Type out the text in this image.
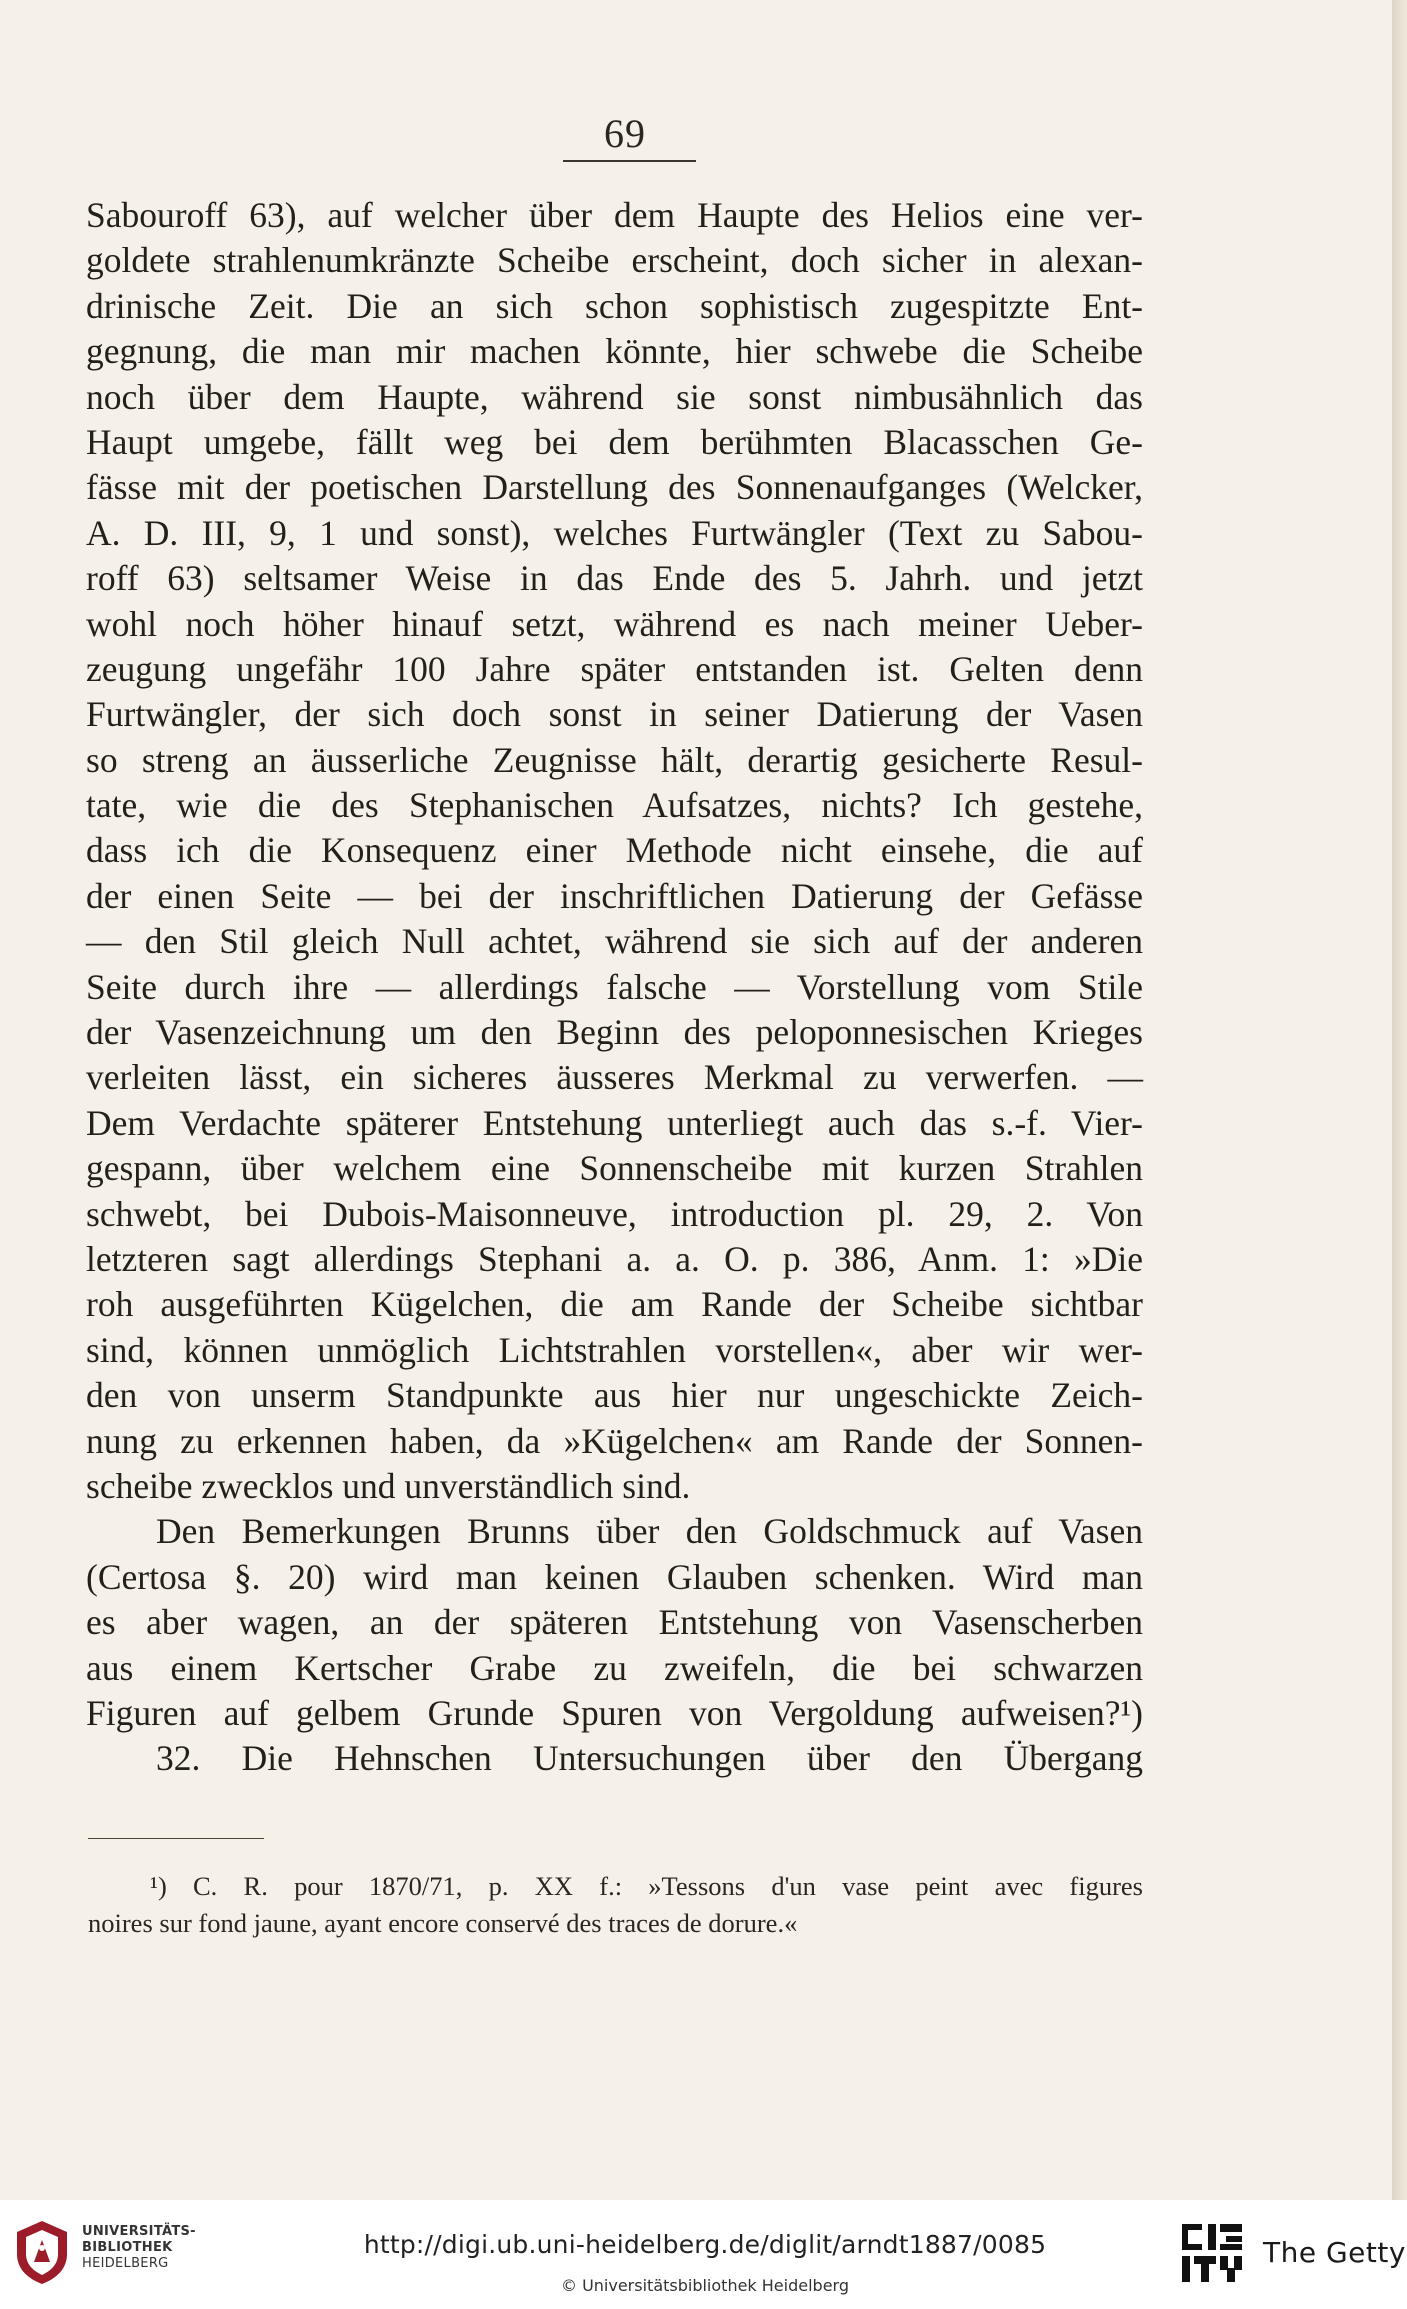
69
Sabouroff 63), auf welcher über dem Haupte des Helios eine ver-
goldete strahlenumkränzte Scheibe erscheint, doch sicher in alexan-
drinische Zeit. Die an sich schon sophistisch zugespitzte Ent-
gegnung, die man mir machen könnte, hier schwebe die Scheibe
noch über dem Haupte, während sie sonst nimbusähnlich das
Haupt umgebe, fällt weg bei dem berühmten Blacasschen Ge-
fässe mit der poetischen Darstellung des Sonnenaufganges (Welcker,
A. D. III, 9, 1 und sonst), welches Furtwängler (Text zu Sabou-
roff 63) seltsamer Weise in das Ende des 5. Jahrh. und jetzt
wohl noch höher hinauf setzt, während es nach meiner Ueber-
zeugung ungefähr 100 Jahre später entstanden ist. Gelten denn
Furtwängler, der sich doch sonst in seiner Datierung der Vasen
so streng an äusserliche Zeugnisse hält, derartig gesicherte Resul-
tate, wie die des Stephanischen Aufsatzes, nichts? Ich gestehe,
dass ich die Konsequenz einer Methode nicht einsehe, die auf
der einen Seite — bei der inschriftlichen Datierung der Gefässe
— den Stil gleich Null achtet, während sie sich auf der anderen
Seite durch ihre — allerdings falsche — Vorstellung vom Stile
der Vasenzeichnung um den Beginn des peloponnesischen Krieges
verleiten lässt, ein sicheres äusseres Merkmal zu verwerfen. —
Dem Verdachte späterer Entstehung unterliegt auch das s.-f. Vier-
gespann, über welchem eine Sonnenscheibe mit kurzen Strahlen
schwebt, bei Dubois-Maisonneuve, introduction pl. 29, 2. Von
letzteren sagt allerdings Stephani a. a. O. p. 386, Anm. 1: »Die
roh ausgeführten Kügelchen, die am Rande der Scheibe sichtbar
sind, können unmöglich Lichtstrahlen vorstellen«, aber wir wer-
den von unserm Standpunkte aus hier nur ungeschickte Zeich-
nung zu erkennen haben, da »Kügelchen« am Rande der Sonnen-
scheibe zwecklos und unverständlich sind.
Den Bemerkungen Brunns über den Goldschmuck auf Vasen
(Certosa §. 20) wird man keinen Glauben schenken. Wird man
es aber wagen, an der späteren Entstehung von Vasenscherben
aus einem Kertscher Grabe zu zweifeln, die bei schwarzen
Figuren auf gelbem Grunde Spuren von Vergoldung aufweisen?¹)
32. Die Hehnschen Untersuchungen über den Übergang
¹) C. R. pour 1870/71, p. XX f.: »Tessons d'un vase peint avec figures
noires sur fond jaune, ayant encore conservé des traces de dorure.«
UNIVERSITÄTS-
BIBLIOTHEK
HEIDELBERG
http://digi.ub.uni-heidelberg.de/diglit/arndt1887/0085
© Universitätsbibliothek Heidelberg
The Getty
